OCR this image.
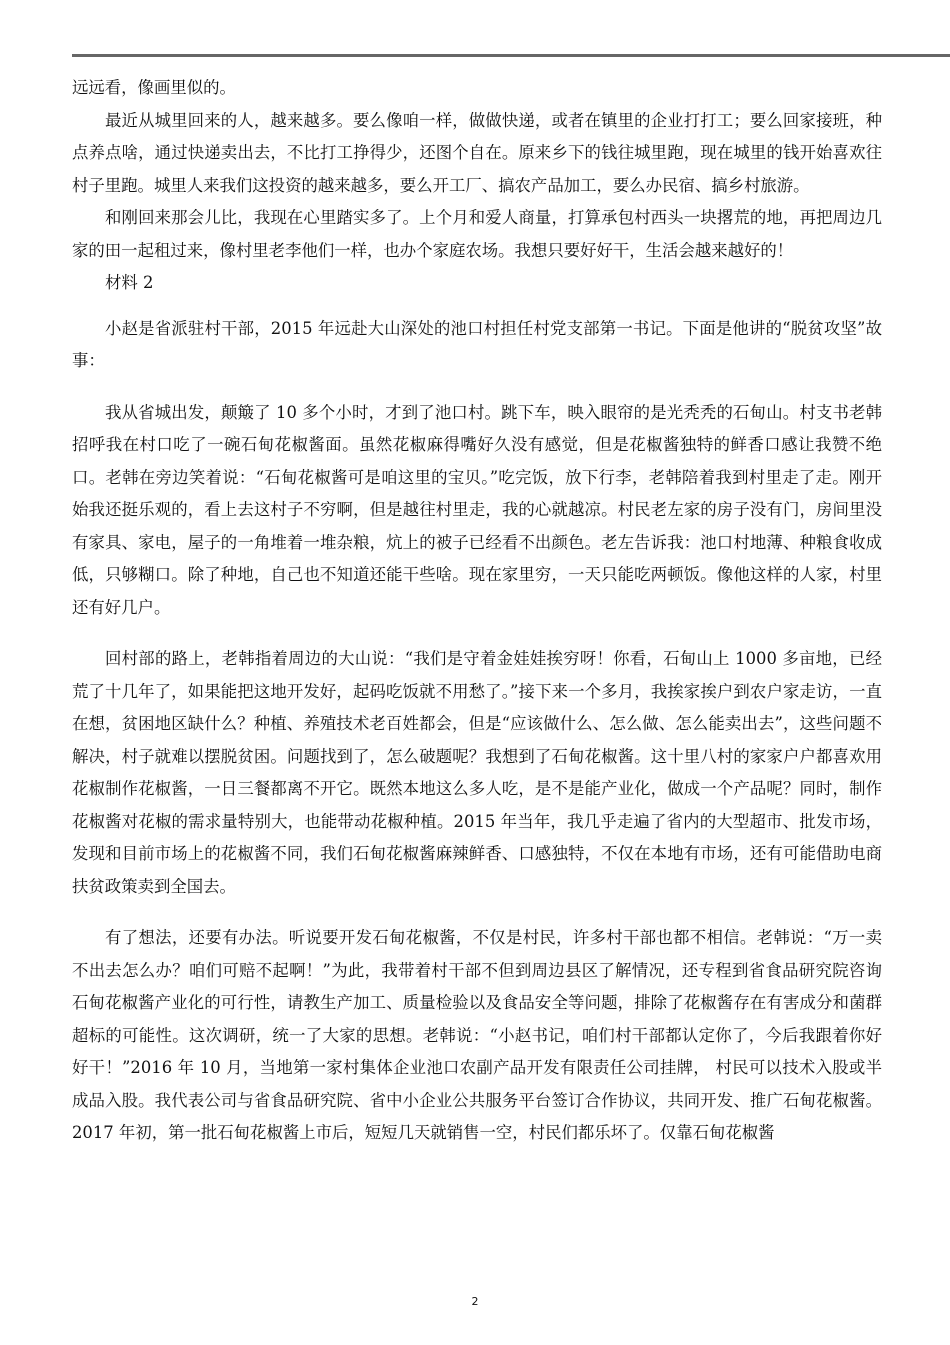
远远看，像画里似的。

最近从城里回来的人，越来越多。要么像咱一样，做做快递，或者在镇里的企业打打工；要么回家接班，种点养点啥，通过快递卖出去，不比打工挣得少，还图个自在。原来乡下的钱往城里跑，现在城里的钱开始喜欢往村子里跑。城里人来我们这投资的越来越多，要么开工厂、搞农产品加工，要么办民宿、搞乡村旅游。

和刚回来那会儿比，我现在心里踏实多了。上个月和爱人商量，打算承包村西头一块撂荒的地，再把周边几家的田一起租过来，像村里老李他们一样，也办个家庭农场。我想只要好好干，生活会越来越好的！

材料 2

小赵是省派驻村干部，2015 年远赴大山深处的池口村担任村党支部第一书记。下面是他讲的“脱贫攻坚”故事：

我从省城出发，颠簸了 10 多个小时，才到了池口村。跳下车，映入眼帘的是光秃秃的石甸山。村支书老韩招呼我在村口吃了一碗石甸花椒酱面。虽然花椒麻得嘴好久没有感觉，但是花椒酱独特的鲜香口感让我赞不绝口。老韩在旁边笑着说：“石甸花椒酱可是咱这里的宝贝。”吃完饭，放下行李，老韩陪着我到村里走了走。刚开始我还挺乐观的，看上去这村子不穷啊，但是越往村里走，我的心就越凉。村民老左家的房子没有门，房间里没有家具、家电，屋子的一角堆着一堆杂粮，炕上的被子已经看不出颜色。老左告诉我：池口村地薄、种粮食收成低，只够糊口。除了种地，自己也不知道还能干些啥。现在家里穷，一天只能吃两顿饭。像他这样的人家，村里还有好几户。

回村部的路上，老韩指着周边的大山说：“我们是守着金娃娃挨穷呀！你看，石甸山上 1000 多亩地，已经荒了十几年了，如果能把这地开发好，起码吃饭就不用愁了。”接下来一个多月，我挨家挨户到农户家走访，一直在想，贫困地区缺什么？种植、养殖技术老百姓都会，但是“应该做什么、怎么做、怎么能卖出去”，这些问题不解决，村子就难以摆脱贫困。问题找到了，怎么破题呢？我想到了石甸花椒酱。这十里八村的家家户户都喜欢用花椒制作花椒酱，一日三餐都离不开它。既然本地这么多人吃，是不是能产业化，做成一个产品呢？同时，制作花椒酱对花椒的需求量特别大，也能带动花椒种植。2015 年当年，我几乎走遍了省内的大型超市、批发市场，发现和目前市场上的花椒酱不同，我们石甸花椒酱麻辣鲜香、口感独特，不仅在本地有市场，还有可能借助电商扶贫政策卖到全国去。

有了想法，还要有办法。听说要开发石甸花椒酱，不仅是村民，许多村干部也都不相信。老韩说：“万一卖不出去怎么办？咱们可赔不起啊！”为此，我带着村干部不但到周边县区了解情况，还专程到省食品研究院咨询石甸花椒酱产业化的可行性，请教生产加工、质量检验以及食品安全等问题，排除了花椒酱存在有害成分和菌群超标的可能性。这次调研，统一了大家的思想。老韩说：“小赵书记，咱们村干部都认定你了，今后我跟着你好好干！”2016 年 10 月，当地第一家村集体企业池口农副产品开发有限责任公司挂牌， 村民可以技术入股或半成品入股。我代表公司与省食品研究院、省中小企业公共服务平台签订合作协议，共同开发、推广石甸花椒酱。2017 年初，第一批石甸花椒酱上市后，短短几天就销售一空，村民们都乐坏了。仅靠石甸花椒酱

2
